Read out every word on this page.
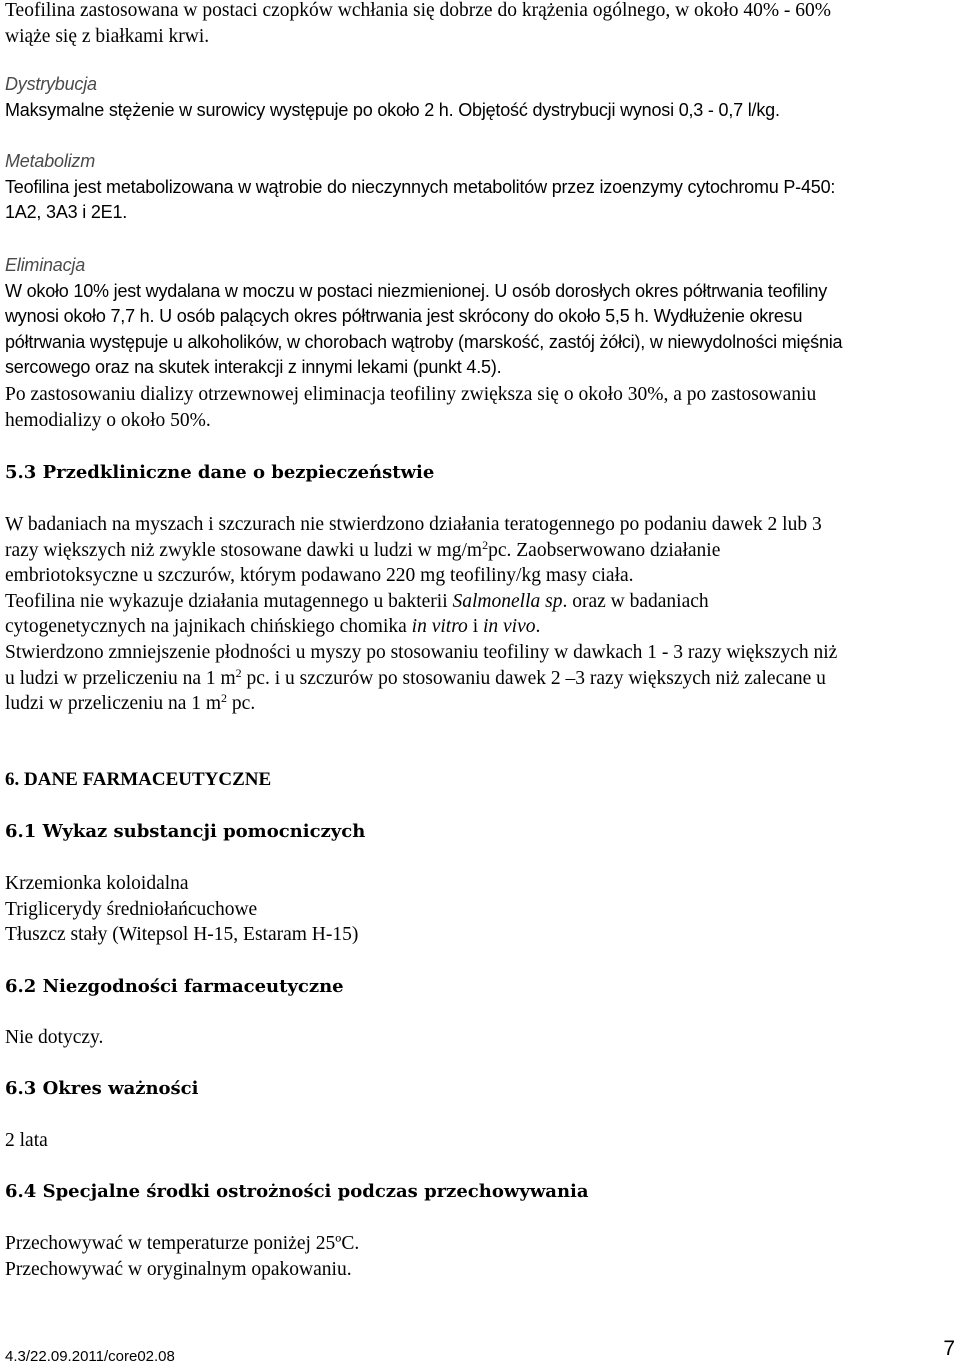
Teofilina zastosowana w postaci czopków wchłania się dobrze do krążenia ogólnego, w około 40% - 60%
wiąże się z białkami krwi.
Dystrybucja
Maksymalne stężenie w surowicy występuje po około 2 h. Objętość dystrybucji wynosi 0,3 - 0,7 l/kg.
Metabolizm
Teofilina jest metabolizowana w wątrobie do nieczynnych metabolitów przez izoenzymy cytochromu P-450:
1A2, 3A3 i 2E1.
Eliminacja
W około 10% jest wydalana w moczu w postaci niezmienionej. U osób dorosłych okres półtrwania teofiliny
wynosi około 7,7 h. U osób palących okres półtrwania jest skrócony do około 5,5 h. Wydłużenie okresu
półtrwania występuje u alkoholików, w chorobach wątroby (marskość, zastój żółci), w niewydolności mięśnia
sercowego oraz na skutek interakcji z innymi lekami (punkt 4.5).
Po zastosowaniu dializy otrzewnowej eliminacja teofiliny zwiększa się o około 30%, a po zastosowaniu
hemodializy o około 50%.
5.3 Przedkliniczne dane o bezpieczeństwie
W badaniach na myszach i szczurach nie stwierdzono działania teratogennego po podaniu dawek 2 lub 3
razy większych niż zwykle stosowane dawki u ludzi w $mg/m^2pc$. Zaobserwowano działanie
embriotoksyczne u szczurów, którym podawano 220 mg teofiliny/kg masy ciała.
Teofilina nie wykazuje działania mutagennego u bakterii Salmonella sp. oraz w badaniach
cytogenetycznych na jajnikach chińskiego chomika in vitro i in vivo.
Stwierdzono zmniejszenie płodności u myszy po stosowaniu teofiliny w dawkach 1 - 3 razy większych niż
u ludzi w przeliczeniu na 1 $m^2$ pc. i u szczurów po stosowaniu dawek 2 –3 razy większych niż zalecane u
ludzi w przeliczeniu na 1 $m^2$ pc.
6. DANE FARMACEUTYCZNE
6.1 Wykaz substancji pomocniczych
Krzemionka koloidalna
Triglicerydy średniołańcuchowe
Tłuszcz stały (Witepsol H-15, Estaram H-15)
6.2 Niezgodności farmaceutyczne
Nie dotyczy.
6.3 Okres ważności
2 lata
6.4 Specjalne środki ostrożności podczas przechowywania
Przechowywać w temperaturze poniżej 25ºC.
Przechowywać w oryginalnym opakowaniu.
4.3/22.09.2011/core02.08	7
